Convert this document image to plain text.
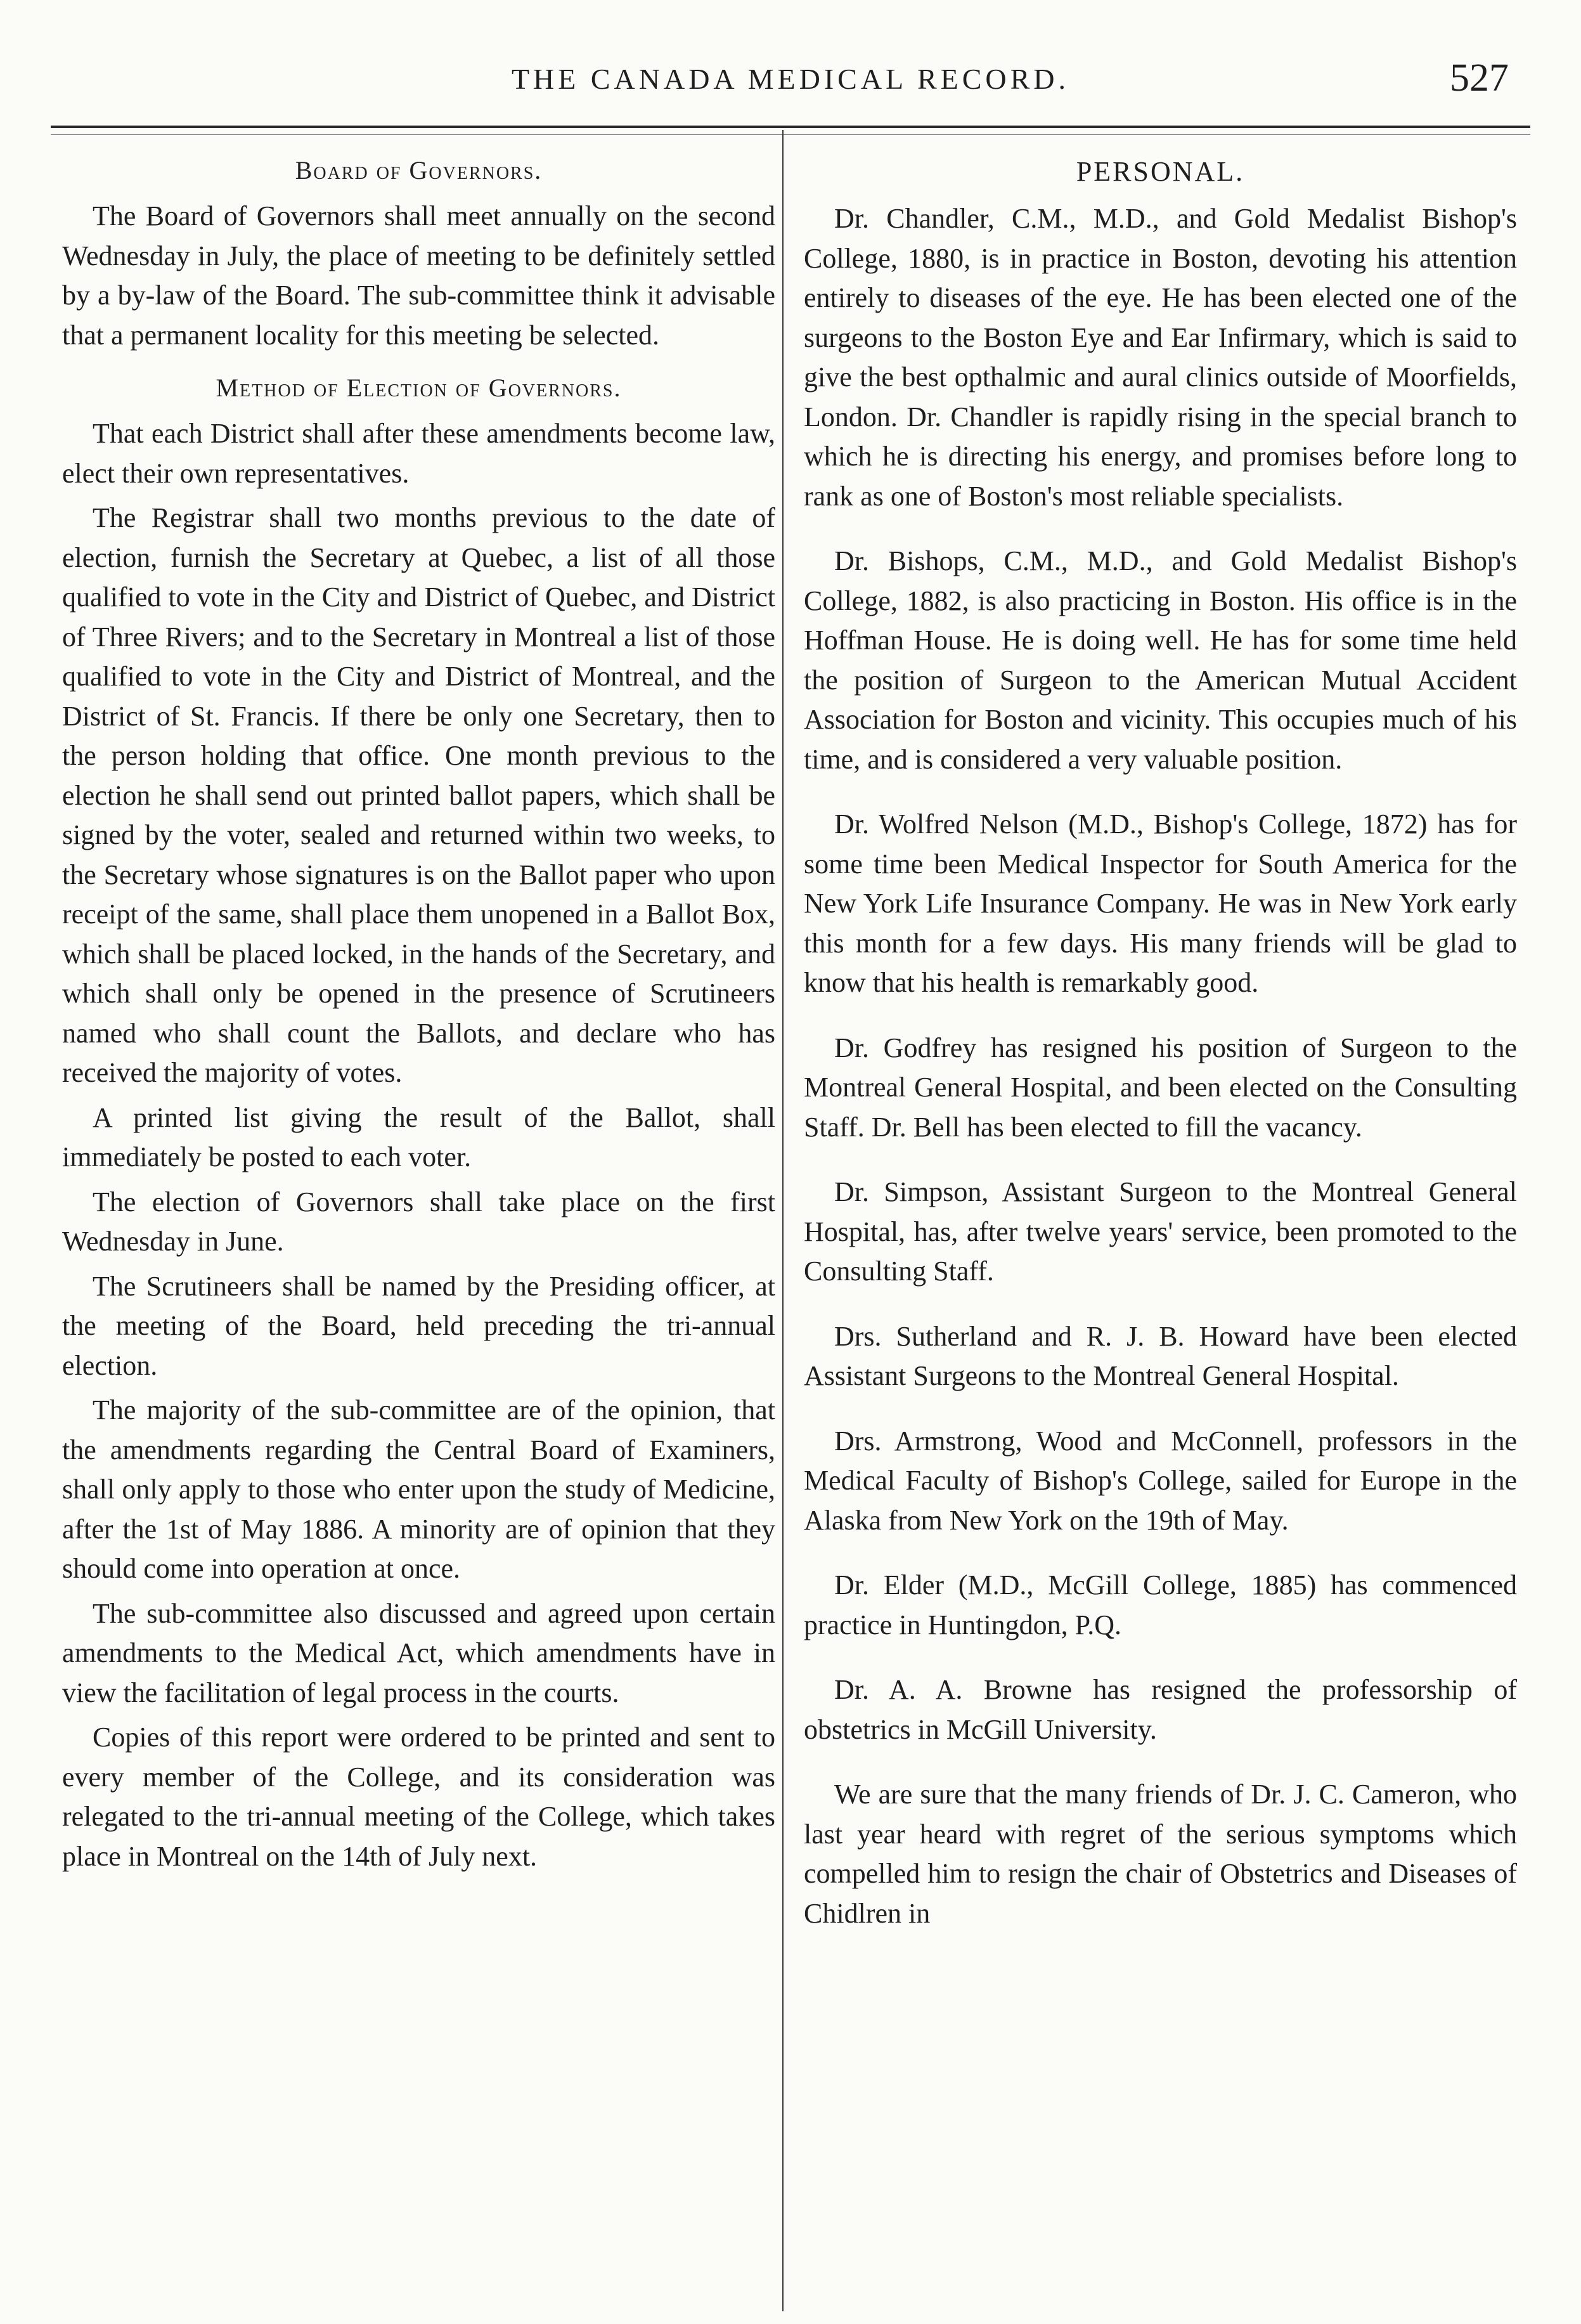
THE CANADA MEDICAL RECORD.	527
Board of Governors.

The Board of Governors shall meet annually on the second Wednesday in July, the place of meeting to be definitely settled by a by-law of the Board. The sub-committee think it advisable that a permanent locality for this meeting be selected.

Method of Election of Governors.

That each District shall after these amendments become law, elect their own representatives.

The Registrar shall two months previous to the date of election, furnish the Secretary at Quebec, a list of all those qualified to vote in the City and District of Quebec, and District of Three Rivers; and to the Secretary in Montreal a list of those qualified to vote in the City and District of Montreal, and the District of St. Francis. If there be only one Secretary, then to the person holding that office. One month previous to the election he shall send out printed ballot papers, which shall be signed by the voter, sealed and returned within two weeks, to the Secretary whose signatures is on the Ballot paper who upon receipt of the same, shall place them unopened in a Ballot Box, which shall be placed locked, in the hands of the Secretary, and which shall only be opened in the presence of Scrutineers named who shall count the Ballots, and declare who has received the majority of votes.

A printed list giving the result of the Ballot, shall immediately be posted to each voter.

The election of Governors shall take place on the first Wednesday in June.

The Scrutineers shall be named by the Presiding officer, at the meeting of the Board, held preceding the tri-annual election.

The majority of the sub-committee are of the opinion, that the amendments regarding the Central Board of Examiners, shall only apply to those who enter upon the study of Medicine, after the 1st of May 1886. A minority are of opinion that they should come into operation at once.

The sub-committee also discussed and agreed upon certain amendments to the Medical Act, which amendments have in view the facilitation of legal process in the courts.

Copies of this report were ordered to be printed and sent to every member of the College, and its consideration was relegated to the tri-annual meeting of the College, which takes place in Montreal on the 14th of July next.

PERSONAL.

Dr. Chandler, C.M., M.D., and Gold Medalist Bishop's College, 1880, is in practice in Boston, devoting his attention entirely to diseases of the eye. He has been elected one of the surgeons to the Boston Eye and Ear Infirmary, which is said to give the best opthalmic and aural clinics outside of Moorfields, London. Dr. Chandler is rapidly rising in the special branch to which he is directing his energy, and promises before long to rank as one of Boston's most reliable specialists.

Dr. Bishops, C.M., M.D., and Gold Medalist Bishop's College, 1882, is also practicing in Boston. His office is in the Hoffman House. He is doing well. He has for some time held the position of Surgeon to the American Mutual Accident Association for Boston and vicinity. This occupies much of his time, and is considered a very valuable position.

Dr. Wolfred Nelson (M.D., Bishop's College, 1872) has for some time been Medical Inspector for South America for the New York Life Insurance Company. He was in New York early this month for a few days. His many friends will be glad to know that his health is remarkably good.

Dr. Godfrey has resigned his position of Surgeon to the Montreal General Hospital, and been elected on the Consulting Staff. Dr. Bell has been elected to fill the vacancy.

Dr. Simpson, Assistant Surgeon to the Montreal General Hospital, has, after twelve years' service, been promoted to the Consulting Staff.

Drs. Sutherland and R. J. B. Howard have been elected Assistant Surgeons to the Montreal General Hospital.

Drs. Armstrong, Wood and McConnell, professors in the Medical Faculty of Bishop's College, sailed for Europe in the Alaska from New York on the 19th of May.

Dr. Elder (M.D., McGill College, 1885) has commenced practice in Huntingdon, P.Q.

Dr. A. A. Browne has resigned the professorship of obstetrics in McGill University.

We are sure that the many friends of Dr. J. C. Cameron, who last year heard with regret of the serious symptoms which compelled him to resign the chair of Obstetrics and Diseases of Chidlren in
